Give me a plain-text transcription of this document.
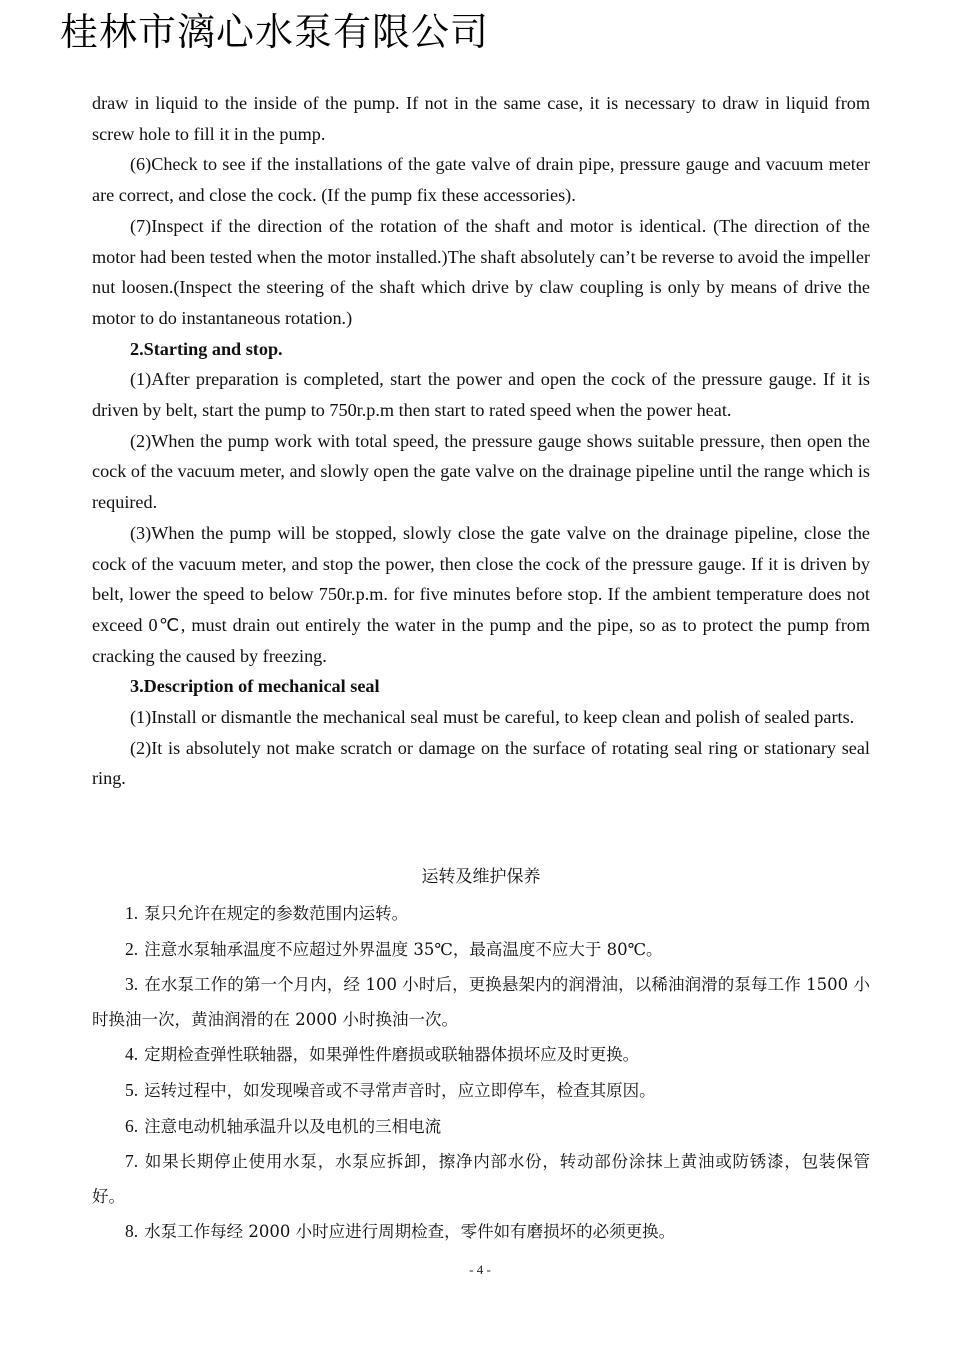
桂林市漓心水泵有限公司

draw in liquid to the inside of the pump. If not in the same case, it is necessary to draw in liquid from screw hole to fill it in the pump.

(6)Check to see if the installations of the gate valve of drain pipe, pressure gauge and vacuum meter are correct, and close the cock. (If the pump fix these accessories).

(7)Inspect if the direction of the rotation of the shaft and motor is identical. (The direction of the motor had been tested when the motor installed.)The shaft absolutely can’t be reverse to avoid the impeller nut loosen.(Inspect the steering of the shaft which drive by claw coupling is only by means of drive the motor to do instantaneous rotation.)

2.Starting and stop.

(1)After preparation is completed, start the power and open the cock of the pressure gauge. If it is driven by belt, start the pump to 750r.p.m then start to rated speed when the power heat.

(2)When the pump work with total speed, the pressure gauge shows suitable pressure, then open the cock of the vacuum meter, and slowly open the gate valve on the drainage pipeline until the range which is required.

(3)When the pump will be stopped, slowly close the gate valve on the drainage pipeline, close the cock of the vacuum meter, and stop the power, then close the cock of the pressure gauge. If it is driven by belt, lower the speed to below 750r.p.m. for five minutes before stop. If the ambient temperature does not exceed 0℃, must drain out entirely the water in the pump and the pipe, so as to protect the pump from cracking the caused by freezing.

3.Description of mechanical seal

(1)Install or dismantle the mechanical seal must be careful, to keep clean and polish of sealed parts.

(2)It is absolutely not make scratch or damage on the surface of rotating seal ring or stationary seal ring.

运转及维护保养
1. 泵只允许在规定的参数范围内运转。
2. 注意水泵轴承温度不应超过外界温度 35℃，最高温度不应大于 80℃。
3. 在水泵工作的第一个月内，经 100 小时后，更换悬架内的润滑油，以稀油润滑的泵每工作 1500 小时换油一次，黄油润滑的在 2000 小时换油一次。
4. 定期检查弹性联轴器，如果弹性件磨损或联轴器体损坏应及时更换。
5. 运转过程中，如发现噪音或不寻常声音时，应立即停车，检查其原因。
6. 注意电动机轴承温升以及电机的三相电流
7. 如果长期停止使用水泵，水泵应拆卸，擦净内部水份，转动部份涂抹上黄油或防锈漆，包装保管好。
8. 水泵工作每经 2000 小时应进行周期检查，零件如有磨损坏的必须更换。
- 4 -
